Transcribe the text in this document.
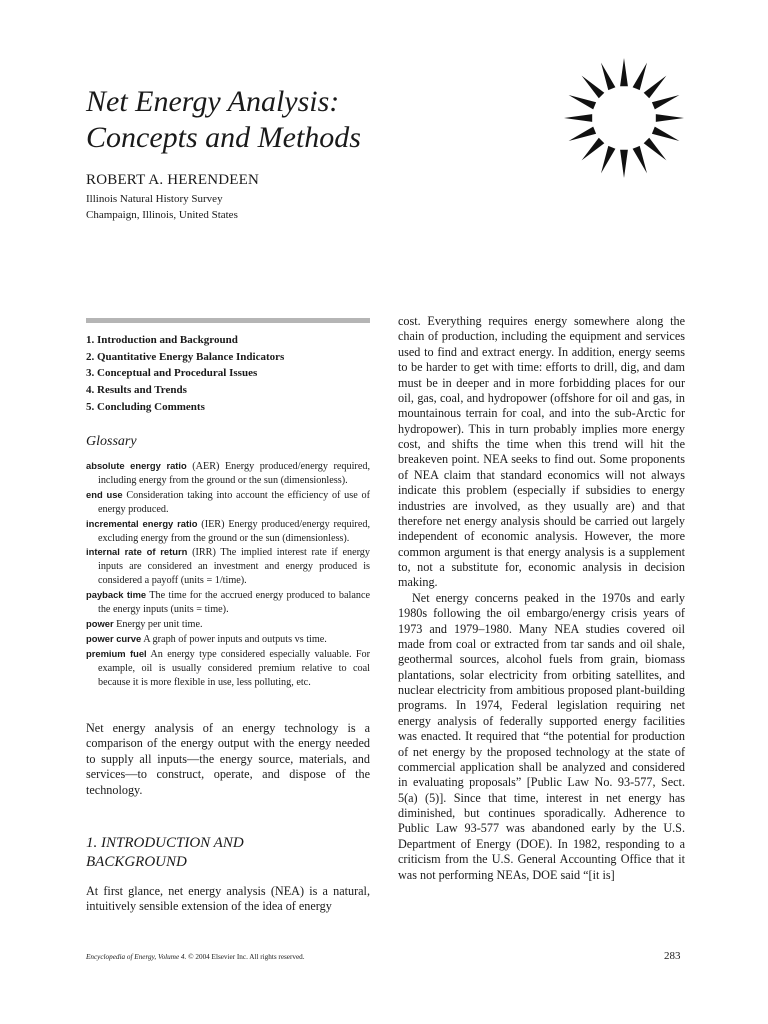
Net Energy Analysis:
Concepts and Methods
ROBERT A. HERENDEEN
Illinois Natural History Survey
Champaign, Illinois, United States
1. Introduction and Background
2. Quantitative Energy Balance Indicators
3. Conceptual and Procedural Issues
4. Results and Trends
5. Concluding Comments
Glossary
absolute energy ratio (AER) Energy produced/energy required, including energy from the ground or the sun (dimensionless).
end use Consideration taking into account the efficiency of use of energy produced.
incremental energy ratio (IER) Energy produced/energy required, excluding energy from the ground or the sun (dimensionless).
internal rate of return (IRR) The implied interest rate if energy inputs are considered an investment and energy produced is considered a payoff (units = 1/time).
payback time The time for the accrued energy produced to balance the energy inputs (units = time).
power Energy per unit time.
power curve A graph of power inputs and outputs vs time.
premium fuel An energy type considered especially valuable. For example, oil is usually considered premium relative to coal because it is more flexible in use, less polluting, etc.

Net energy analysis of an energy technology is a comparison of the energy output with the energy needed to supply all inputs—the energy source, materials, and services—to construct, operate, and dispose of the technology.

1. INTRODUCTION AND
BACKGROUND

At first glance, net energy analysis (NEA) is a natural, intuitively sensible extension of the idea of energy

cost. Everything requires energy somewhere along the chain of production, including the equipment and services used to find and extract energy. In addition, energy seems to be harder to get with time: efforts to drill, dig, and dam must be in deeper and in more forbidding places for our oil, gas, coal, and hydropower (offshore for oil and gas, in mountainous terrain for coal, and into the sub-Arctic for hydropower). This in turn probably implies more energy cost, and shifts the time when this trend will hit the breakeven point. NEA seeks to find out. Some proponents of NEA claim that standard economics will not always indicate this problem (especially if subsidies to energy industries are involved, as they usually are) and that therefore net energy analysis should be carried out largely independent of economic analysis. However, the more common argument is that energy analysis is a supplement to, not a substitute for, economic analysis in decision making.
Net energy concerns peaked in the 1970s and early 1980s following the oil embargo/energy crisis years of 1973 and 1979–1980. Many NEA studies covered oil made from coal or extracted from tar sands and oil shale, geothermal sources, alcohol fuels from grain, biomass plantations, solar electricity from orbiting satellites, and nuclear electricity from ambitious proposed plant-building programs. In 1974, Federal legislation requiring net energy analysis of federally supported energy facilities was enacted. It required that “the potential for production of net energy by the proposed technology at the state of commercial application shall be analyzed and considered in evaluating proposals” [Public Law No. 93-577, Sect. 5(a) (5)]. Since that time, interest in net energy has diminished, but continues sporadically. Adherence to Public Law 93-577 was abandoned early by the U.S. Department of Energy (DOE). In 1982, responding to a criticism from the U.S. General Accounting Office that it was not performing NEAs, DOE said “[it is]
Encyclopedia of Energy, Volume 4. © 2004 Elsevier Inc. All rights reserved.	283
